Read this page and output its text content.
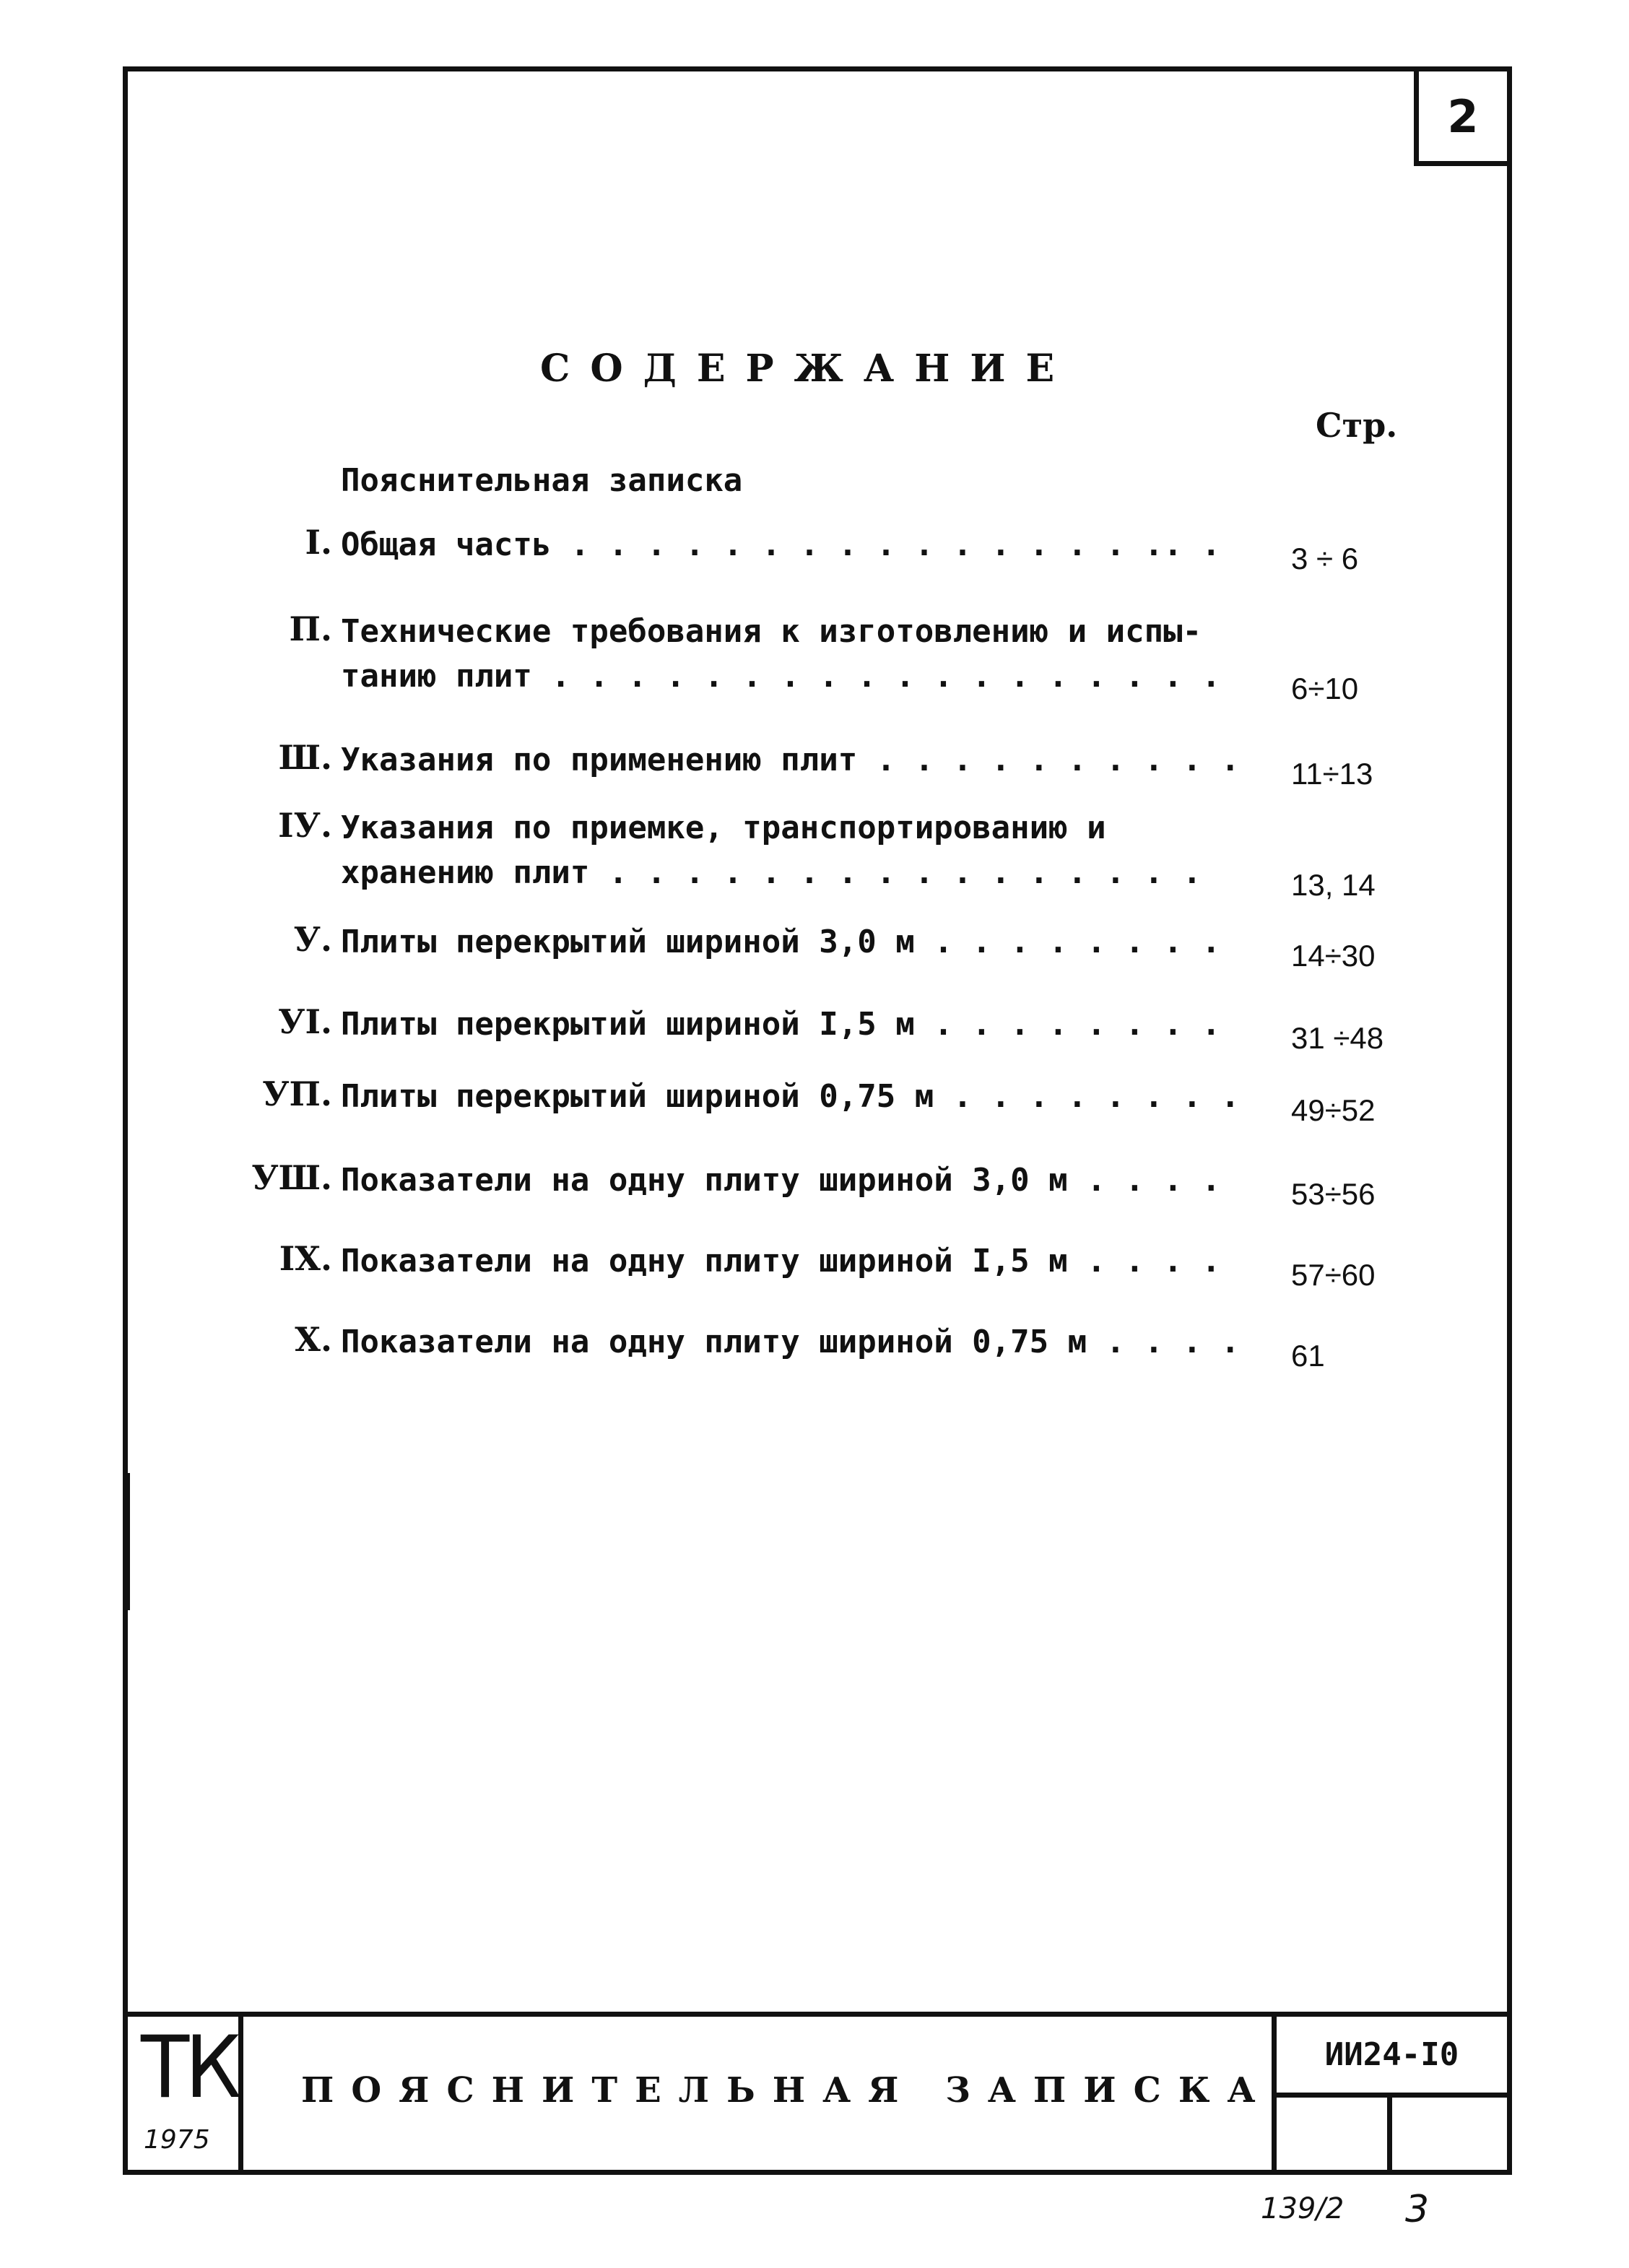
2
СОДЕРЖАНИЕ
Стр.
Пояснительная записка
I. Общая часть . . . . . . . . . . . . . . . .. . 3 ÷ 6
П. Технические требования к изготовлению и испы-
танию плит . . . . . . . . . . . . . . . . . . 6÷10
Ш. Указания по применению плит . . . . . . . . . . 11÷13
IУ. Указания по приемке, транспортированию и
хранению плит . . . . . . . . . . . . . . . .	13, 14
У. Плиты перекрытий шириной 3,0 м . . . . . . . . 14÷30
УI. Плиты перекрытий шириной I,5 м . . . . . . . . 31 ÷48
УП. Плиты перекрытий шириной 0,75 м . . . . . . . . 49÷52
УШ. Показатели на одну плиту шириной 3,0 м . . . . 53÷56
IX. Показатели на одну плиту шириной I,5 м . . . . 57÷60
X. Показатели на одну плиту шириной 0,75 м . . . . 61
ТК
1975
ПОЯСНИТЕЛЬНАЯ ЗАПИСКА
ИИ24-I0
139/2 3
